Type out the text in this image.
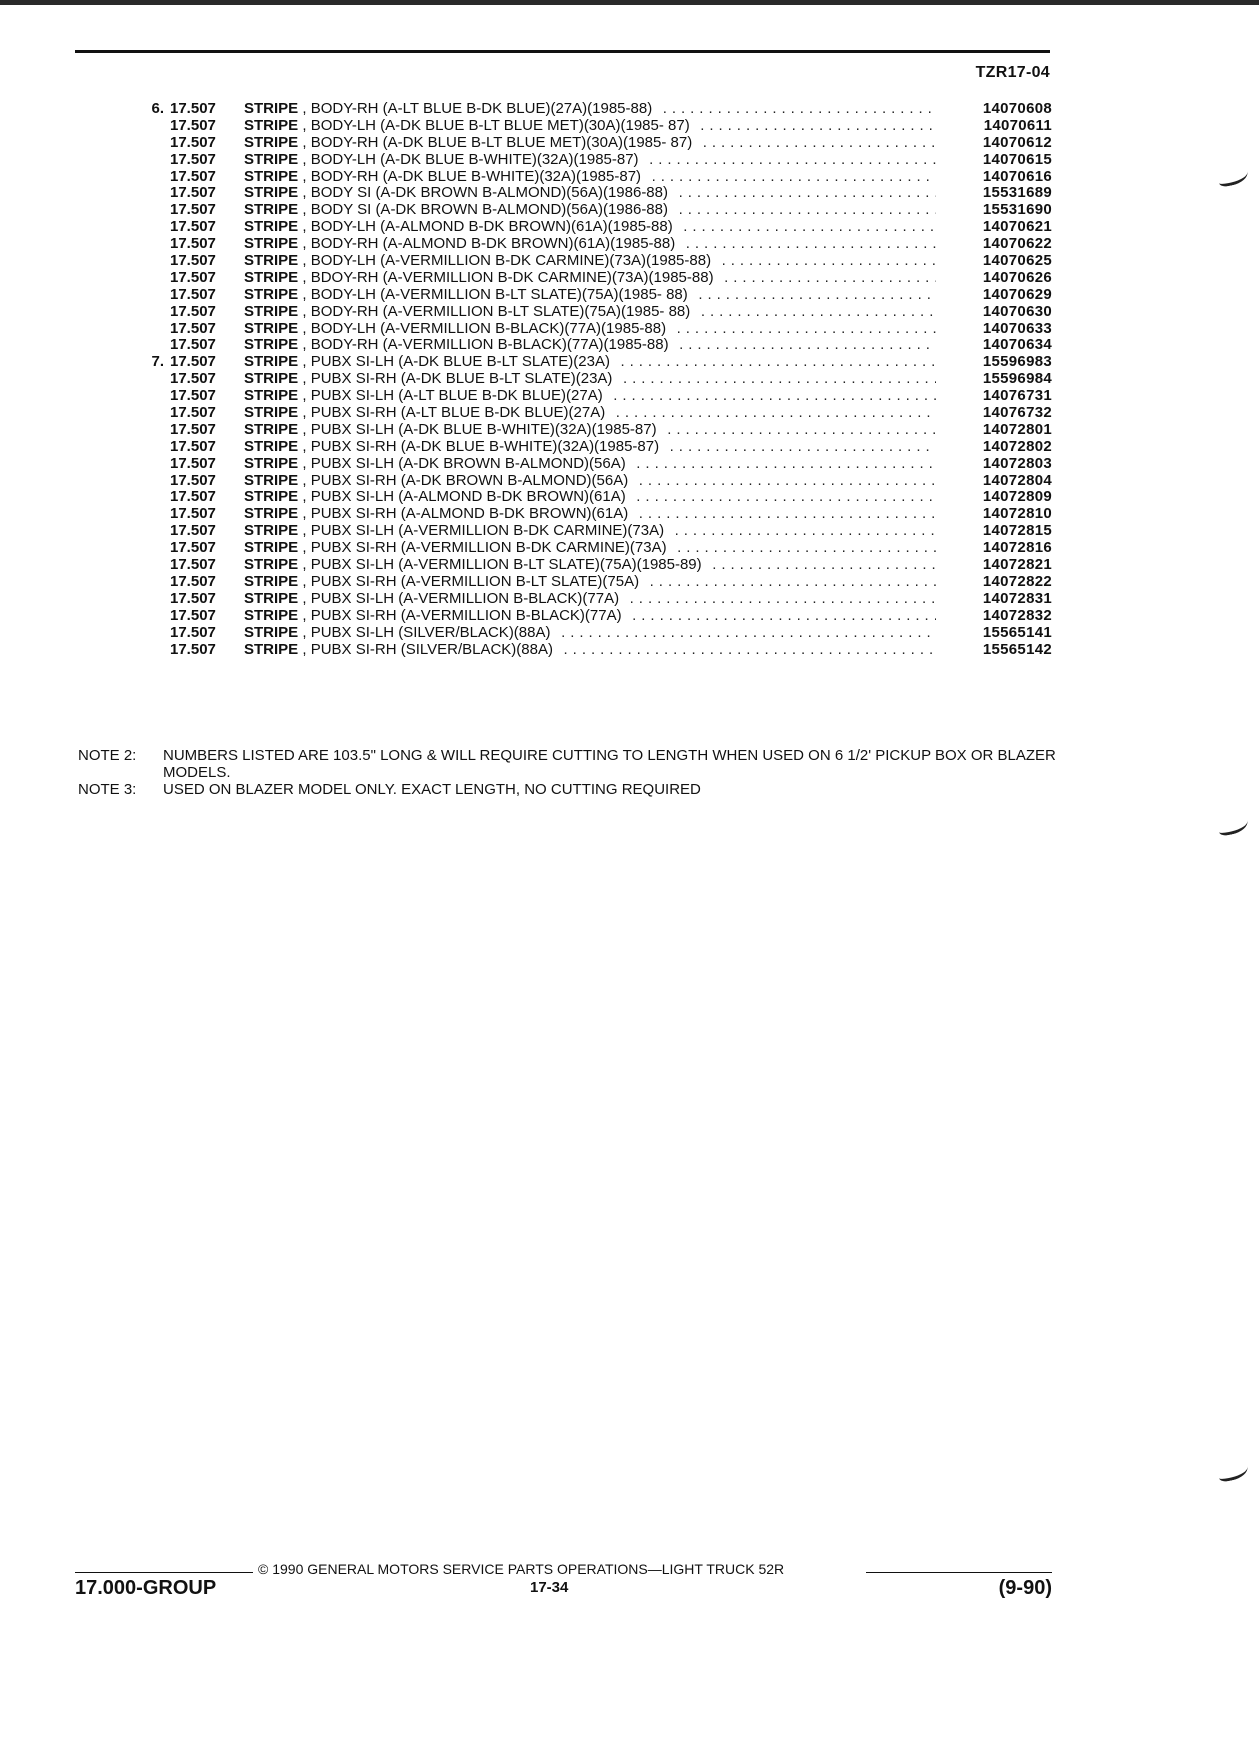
TZR17-04
6. 17.507	STRIPE , BODY-RH (A-LT BLUE B-DK BLUE)(27A)(1985-88) . . .	14070608
17.507	STRIPE , BODY-LH (A-DK BLUE B-LT BLUE MET)(30A)(1985- 87) . . .	14070611
17.507	STRIPE , BODY-RH (A-DK BLUE B-LT BLUE MET)(30A)(1985- 87) . . .	14070612
17.507	STRIPE , BODY-LH (A-DK BLUE B-WHITE)(32A)(1985-87) . . .	14070615
17.507	STRIPE , BODY-RH (A-DK BLUE B-WHITE)(32A)(1985-87) . . .	14070616
17.507	STRIPE , BODY SI (A-DK BROWN B-ALMOND)(56A)(1986-88) . . .	15531689
17.507	STRIPE , BODY SI (A-DK BROWN B-ALMOND)(56A)(1986-88) . . .	15531690
17.507	STRIPE , BODY-LH (A-ALMOND B-DK BROWN)(61A)(1985-88) . . .	14070621
17.507	STRIPE , BODY-RH (A-ALMOND B-DK BROWN)(61A)(1985-88) . . .	14070622
17.507	STRIPE , BODY-LH (A-VERMILLION B-DK CARMINE)(73A)(1985-88) . . .	14070625
17.507	STRIPE , BDOY-RH (A-VERMILLION B-DK CARMINE)(73A)(1985-88) . . .	14070626
17.507	STRIPE , BODY-LH (A-VERMILLION B-LT SLATE)(75A)(1985- 88) . . .	14070629
17.507	STRIPE , BODY-RH (A-VERMILLION B-LT SLATE)(75A)(1985- 88) . . .	14070630
17.507	STRIPE , BODY-LH (A-VERMILLION B-BLACK)(77A)(1985-88) . . .	14070633
17.507	STRIPE , BODY-RH (A-VERMILLION B-BLACK)(77A)(1985-88) . . .	14070634
7. 17.507	STRIPE , PUBX SI-LH (A-DK BLUE B-LT SLATE)(23A) . . .	15596983
17.507	STRIPE , PUBX SI-RH (A-DK BLUE B-LT SLATE)(23A) . . .	15596984
17.507	STRIPE , PUBX SI-LH (A-LT BLUE B-DK BLUE)(27A) . . .	14076731
17.507	STRIPE , PUBX SI-RH (A-LT BLUE B-DK BLUE)(27A) . . .	14076732
17.507	STRIPE , PUBX SI-LH (A-DK BLUE B-WHITE)(32A)(1985-87) . . .	14072801
17.507	STRIPE , PUBX SI-RH (A-DK BLUE B-WHITE)(32A)(1985-87) . . .	14072802
17.507	STRIPE , PUBX SI-LH (A-DK BROWN B-ALMOND)(56A) . . .	14072803
17.507	STRIPE , PUBX SI-RH (A-DK BROWN B-ALMOND)(56A) . . .	14072804
17.507	STRIPE , PUBX SI-LH (A-ALMOND B-DK BROWN)(61A) . . .	14072809
17.507	STRIPE , PUBX SI-RH (A-ALMOND B-DK BROWN)(61A) . . .	14072810
17.507	STRIPE , PUBX SI-LH (A-VERMILLION B-DK CARMINE)(73A) . . .	14072815
17.507	STRIPE , PUBX SI-RH (A-VERMILLION B-DK CARMINE)(73A) . . .	14072816
17.507	STRIPE , PUBX SI-LH (A-VERMILLION B-LT SLATE)(75A)(1985-89) . . .	14072821
17.507	STRIPE , PUBX SI-RH (A-VERMILLION B-LT SLATE)(75A) . . .	14072822
17.507	STRIPE , PUBX SI-LH (A-VERMILLION B-BLACK)(77A) . . .	14072831
17.507	STRIPE , PUBX SI-RH (A-VERMILLION B-BLACK)(77A) . . .	14072832
17.507	STRIPE , PUBX SI-LH (SILVER/BLACK)(88A) . . .	15565141
17.507	STRIPE , PUBX SI-RH (SILVER/BLACK)(88A) . . .	15565142
NOTE 2:	NUMBERS LISTED ARE 103.5" LONG & WILL REQUIRE CUTTING TO LENGTH WHEN USED ON 6 1/2' PICKUP BOX OR BLAZER MODELS.
NOTE 3:	USED ON BLAZER MODEL ONLY. EXACT LENGTH, NO CUTTING REQUIRED
© 1990 GENERAL MOTORS SERVICE PARTS OPERATIONS—LIGHT TRUCK 52R
17.000-GROUP	17-34	(9-90)
